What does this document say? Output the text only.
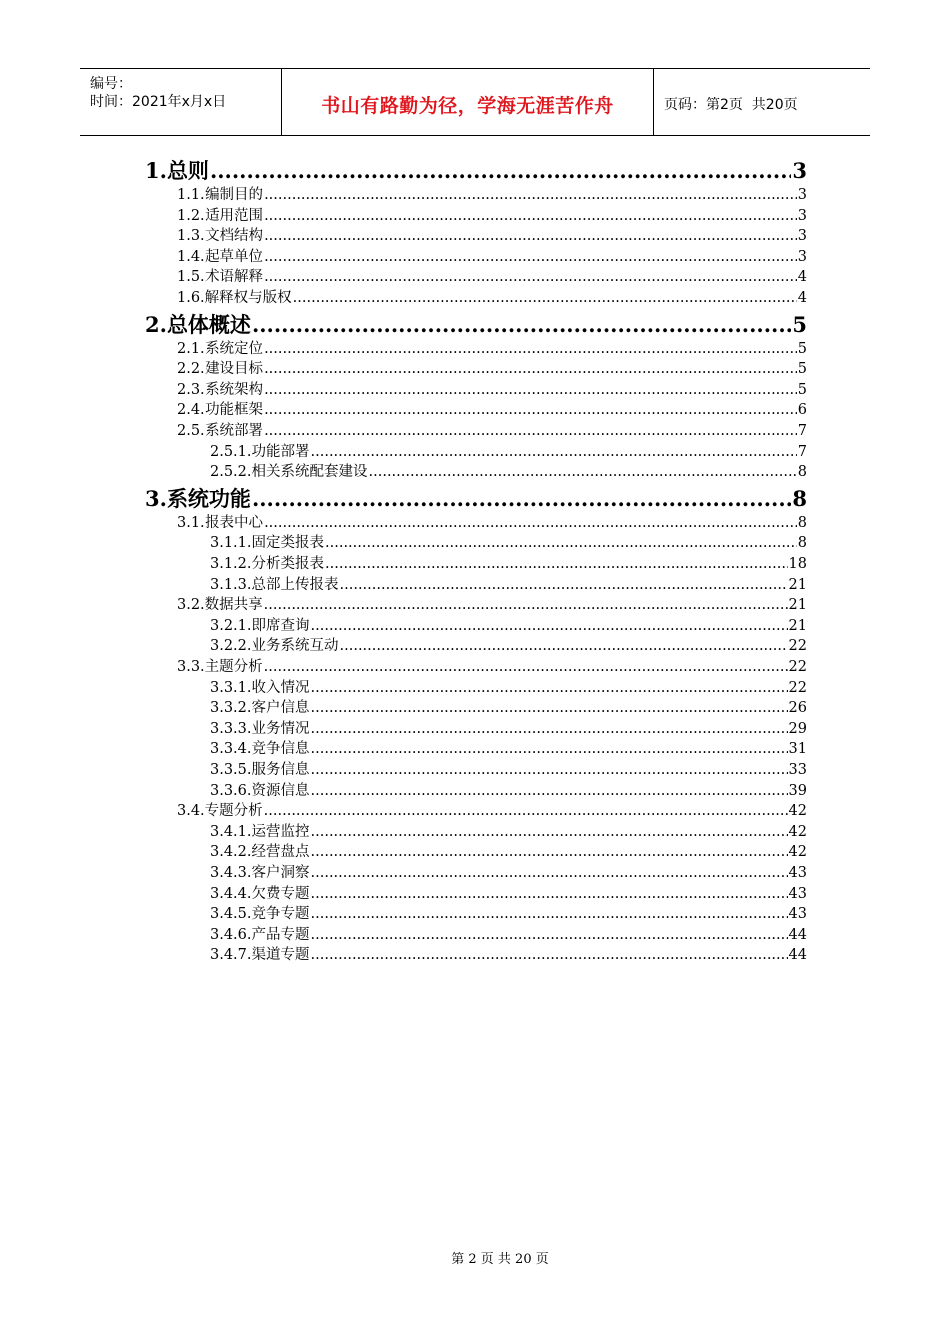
编号：
时间：2021年x月x日	书山有路勤为径，学海无涯苦作舟	页码：第2页  共20页
1. 总则 .....	3
1.1. 编制目的 .....	3
1.2. 适用范围 .....	3
1.3. 文档结构 .....	3
1.4. 起草单位 .....	3
1.5. 术语解释 .....	4
1.6. 解释权与版权 .....	4
2. 总体概述 .....	5
2.1. 系统定位 .....	5
2.2. 建设目标 .....	5
2.3. 系统架构 .....	5
2.4. 功能框架 .....	6
2.5. 系统部署 .....	7
2.5.1. 功能部署 .....	7
2.5.2. 相关系统配套建设 .....	8
3. 系统功能 .....	8
3.1. 报表中心 .....	8
3.1.1. 固定类报表 .....	8
3.1.2. 分析类报表 .....	18
3.1.3. 总部上传报表 .....	21
3.2. 数据共享 .....	21
3.2.1. 即席查询 .....	21
3.2.2. 业务系统互动 .....	22
3.3. 主题分析 .....	22
3.3.1. 收入情况 .....	22
3.3.2. 客户信息 .....	26
3.3.3. 业务情况 .....	29
3.3.4. 竞争信息 .....	31
3.3.5. 服务信息 .....	33
3.3.6. 资源信息 .....	39
3.4. 专题分析 .....	42
3.4.1. 运营监控 .....	42
3.4.2. 经营盘点 .....	42
3.4.3. 客户洞察 .....	43
3.4.4. 欠费专题 .....	43
3.4.5. 竞争专题 .....	43
3.4.6. 产品专题 .....	44
3.4.7. 渠道专题 .....	44
第 2 页 共 20 页
